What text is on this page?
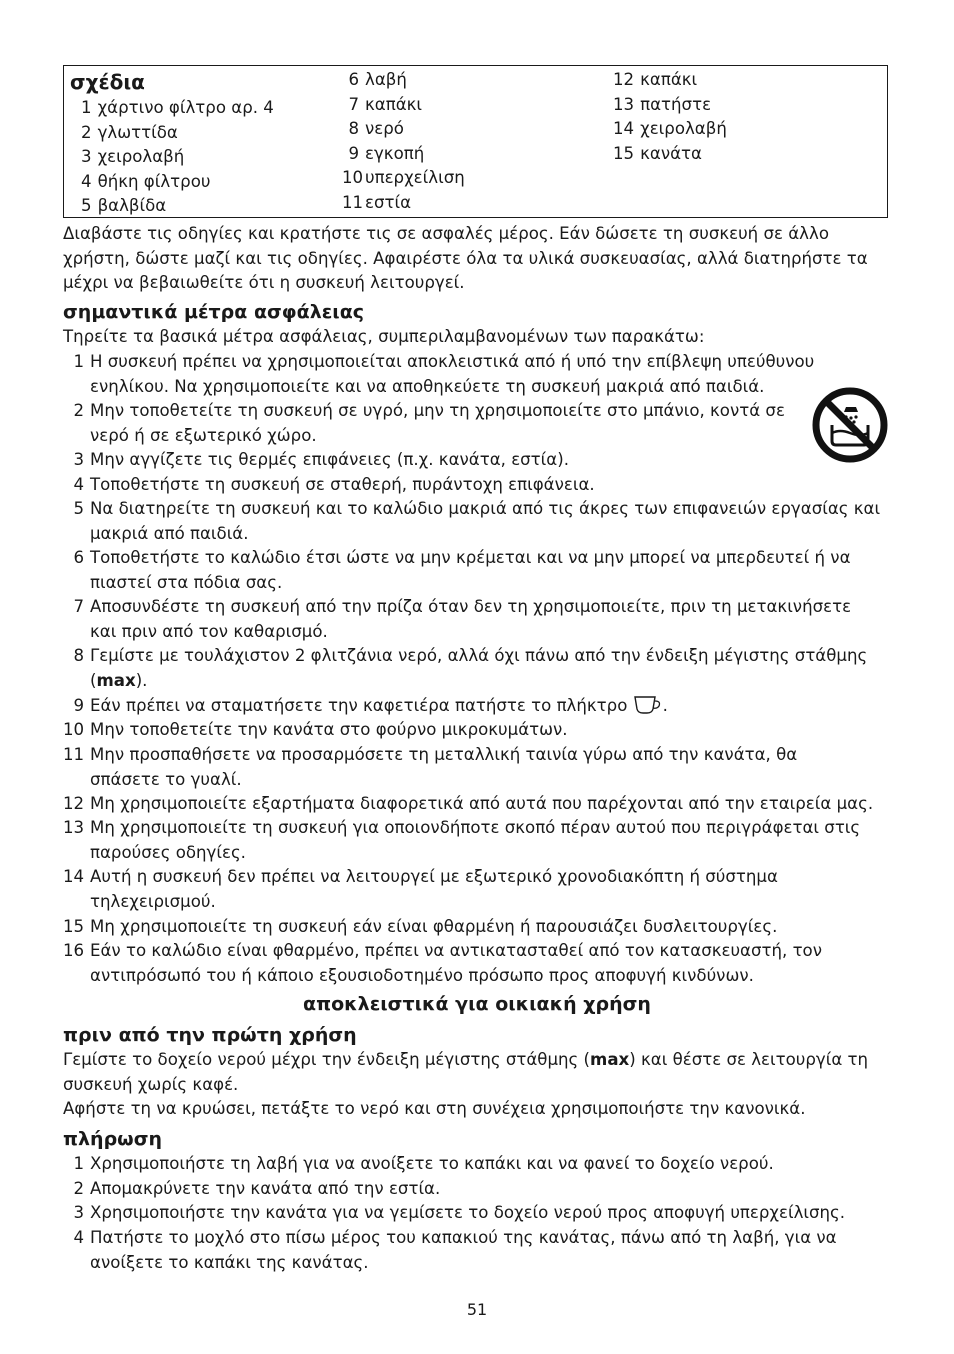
σχέδια
1 χάρτινο φίλτρο αρ. 4
2 γλωττίδα
3 χειρολαβή
4 θήκη φίλτρου
5 βαλβίδα
6 λαβή
7 καπάκι
8 νερό
9 εγκοπή
10 υπερχείλιση
11 εστία
12 καπάκι
13 πατήστε
14 χειρολαβή
15 κανάτα
Διαβάστε τις οδηγίες και κρατήστε τις σε ασφαλές μέρος. Εάν δώσετε τη συσκευή σε άλλο
χρήστη, δώστε μαζί και τις οδηγίες. Αφαιρέστε όλα τα υλικά συσκευασίας, αλλά διατηρήστε τα
μέχρι να βεβαιωθείτε ότι η συσκευή λειτουργεί.
σημαντικά μέτρα ασφάλειας
Τηρείτε τα βασικά μέτρα ασφάλειας, συμπεριλαμβανομένων των παρακάτω:
1 Η συσκευή πρέπει να χρησιμοποιείται αποκλειστικά από ή υπό την επίβλεψη υπεύθυνου
ενηλίκου. Να χρησιμοποιείτε και να αποθηκεύετε τη συσκευή μακριά από παιδιά.
2 Μην τοποθετείτε τη συσκευή σε υγρό, μην τη χρησιμοποιείτε στο μπάνιο, κοντά σε
νερό ή σε εξωτερικό χώρο.
3 Μην αγγίζετε τις θερμές επιφάνειες (π.χ. κανάτα, εστία).
4 Τοποθετήστε τη συσκευή σε σταθερή, πυράντοχη επιφάνεια.
5 Να διατηρείτε τη συσκευή και το καλώδιο μακριά από τις άκρες των επιφανειών εργασίας και
μακριά από παιδιά.
6 Τοποθετήστε το καλώδιο έτσι ώστε να μην κρέμεται και να μην μπορεί να μπερδευτεί ή να
πιαστεί στα πόδια σας.
7 Αποσυνδέστε τη συσκευή από την πρίζα όταν δεν τη χρησιμοποιείτε, πριν τη μετακινήσετε
και πριν από τον καθαρισμό.
8 Γεμίστε με τουλάχιστον 2 φλιτζάνια νερό, αλλά όχι πάνω από την ένδειξη μέγιστης στάθμης
(max).
9 Εάν πρέπει να σταματήσετε την καφετιέρα πατήστε το πλήκτρο .
10 Μην τοποθετείτε την κανάτα στο φούρνο μικροκυμάτων.
11 Μην προσπαθήσετε να προσαρμόσετε τη μεταλλική ταινία γύρω από την κανάτα, θα
σπάσετε το γυαλί.
12 Μη χρησιμοποιείτε εξαρτήματα διαφορετικά από αυτά που παρέχονται από την εταιρεία μας.
13 Μη χρησιμοποιείτε τη συσκευή για οποιονδήποτε σκοπό πέραν αυτού που περιγράφεται στις
παρούσες οδηγίες.
14 Αυτή η συσκευή δεν πρέπει να λειτουργεί με εξωτερικό χρονοδιακόπτη ή σύστημα
τηλεχειρισμού.
15 Μη χρησιμοποιείτε τη συσκευή εάν είναι φθαρμένη ή παρουσιάζει δυσλειτουργίες.
16 Εάν το καλώδιο είναι φθαρμένο, πρέπει να αντικατασταθεί από τον κατασκευαστή, τον
αντιπρόσωπό του ή κάποιο εξουσιοδοτημένο πρόσωπο προς αποφυγή κινδύνων.
αποκλειστικά για οικιακή χρήση
πριν από την πρώτη χρήση
Γεμίστε το δοχείο νερού μέχρι την ένδειξη μέγιστης στάθμης (max) και θέστε σε λειτουργία τη
συσκευή χωρίς καφέ.
Αφήστε τη να κρυώσει, πετάξτε το νερό και στη συνέχεια χρησιμοποιήστε την κανονικά.
πλήρωση
1 Χρησιμοποιήστε τη λαβή για να ανοίξετε το καπάκι και να φανεί το δοχείο νερού.
2 Απομακρύνετε την κανάτα από την εστία.
3 Χρησιμοποιήστε την κανάτα για να γεμίσετε το δοχείο νερού προς αποφυγή υπερχείλισης.
4 Πατήστε το μοχλό στο πίσω μέρος του καπακιού της κανάτας, πάνω από τη λαβή, για να
ανοίξετε το καπάκι της κανάτας.
51
